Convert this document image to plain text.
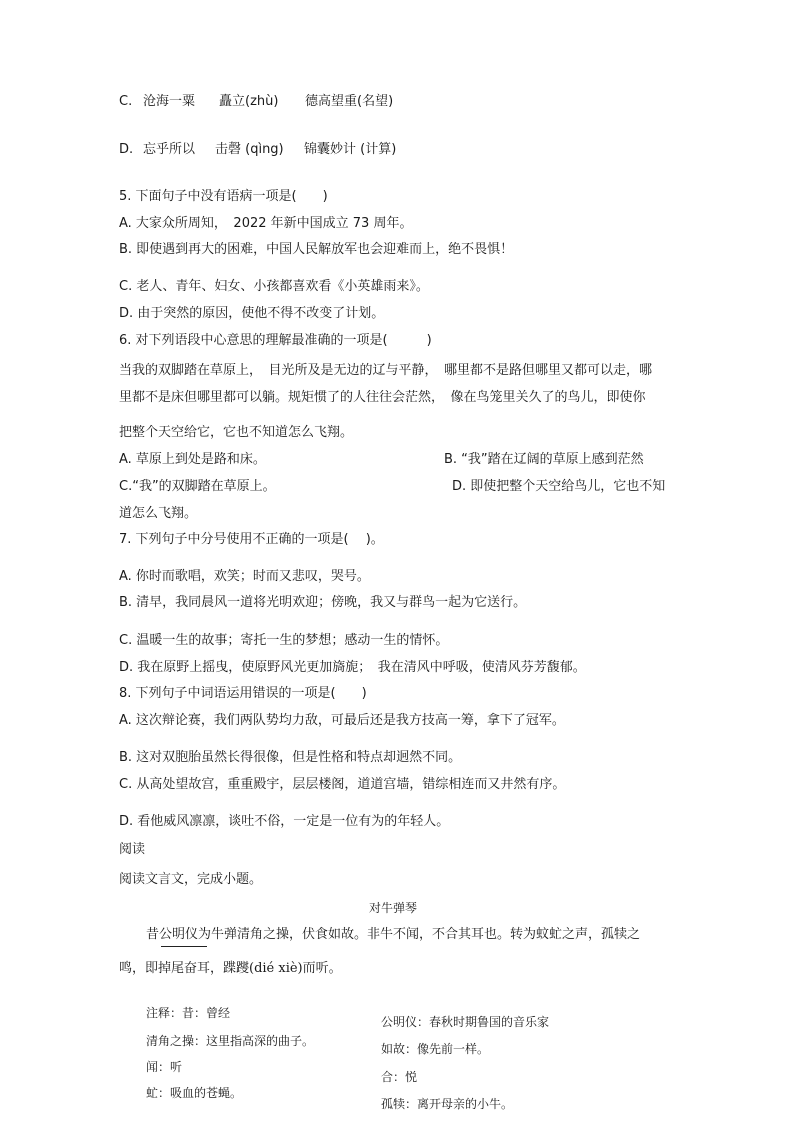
C. 沧海一粟 矗立(zhù) 德高望重(名望)
D. 忘乎所以 击磬 (qìng) 锦囊妙计 (计算)
5. 下面句子中没有语病一项是(　　)
A. 大家众所周知，　2022 年新中国成立 73 周年。
B. 即使遇到再大的困难，中国人民解放军也会迎难而上，绝不畏惧！
C. 老人、青年、妇女、小孩都喜欢看《小英雄雨来》。
D. 由于突然的原因，使他不得不改变了计划。
6. 对下列语段中心意思的理解最准确的一项是(　　　)
当我的双脚踏在草原上，　目光所及是无边的辽与平静，　哪里都不是路但哪里又都可以走，哪
里都不是床但哪里都可以躺。规矩惯了的人往往会茫然，　像在鸟笼里关久了的鸟儿，即使你
把整个天空给它，它也不知道怎么飞翔。
A. 草原上到处是路和床。	B. “我”踏在辽阔的草原上感到茫然
C.“我”的双脚踏在草原上。	D. 即使把整个天空给鸟儿，它也不知
道怎么飞翔。
7. 下列句子中分号使用不正确的一项是(　 )。
A. 你时而歌唱，欢笑；时而又悲叹，哭号。
B. 清早，我同晨风一道将光明欢迎；傍晚，我又与群鸟一起为它送行。
C. 温暖一生的故事；寄托一生的梦想；感动一生的情怀。
D. 我在原野上摇曳，使原野风光更加旖旎；　我在清风中呼吸，使清风芬芳馥郁。
8. 下列句子中词语运用错误的一项是(　　)
A. 这次辩论赛，我们两队势均力敌，可最后还是我方技高一筹，拿下了冠军。
B. 这对双胞胎虽然长得很像，但是性格和特点却迥然不同。
C. 从高处望故宫，重重殿宇，层层楼阁，道道宫墙，错综相连而又井然有序。
D. 看他威风凛凛，谈吐不俗，一定是一位有为的年轻人。
阅读
阅读文言文，完成小题。
对牛弹琴
昔公明仪为牛弹清角之操，伏食如故。非牛不闻，不合其耳也。转为蚊虻之声，孤犊之
鸣，即掉尾奋耳，蹀躞(dié xiè)而听。
注释：昔：曾经
清角之操：这里指高深的曲子。
闻：听
虻：吸血的苍蝇。
公明仪：春秋时期鲁国的音乐家
如故：像先前一样。
合：悦
孤犊：离开母亲的小牛。
